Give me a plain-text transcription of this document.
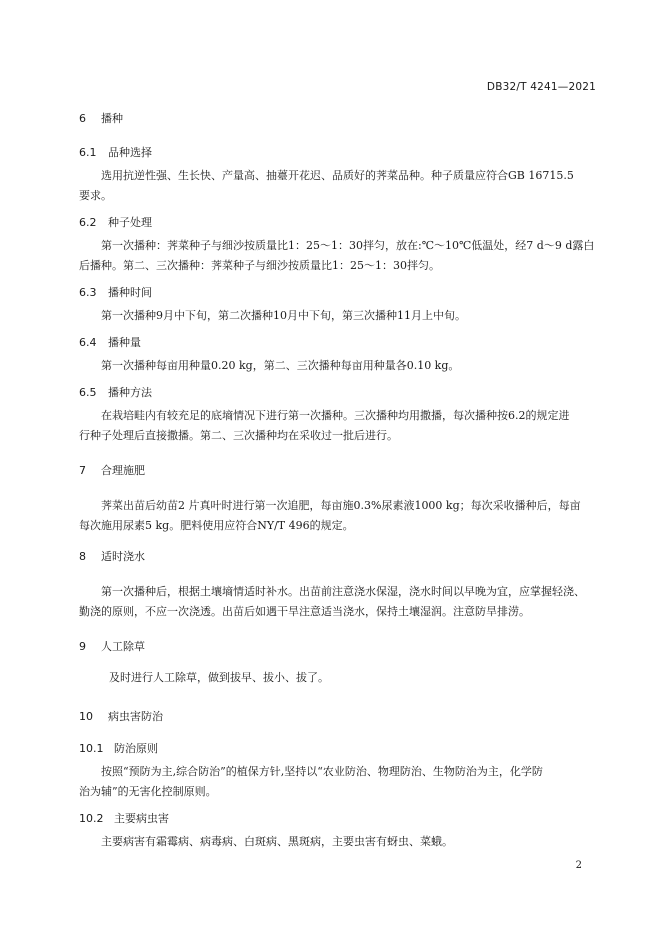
DB32/T 4241—2021
6 播种
6.1 品种选择
选用抗逆性强、生长快、产量高、抽薹开花迟、品质好的荠菜品种。种子质量应符合GB 16715.5
要求。
6.2 种子处理
第一次播种：荠菜种子与细沙按质量比1：25～1：30拌匀，放在:℃～10℃低温处，经7 d～9 d露白
后播种。第二、三次播种：荠菜种子与细沙按质量比1：25～1：30拌匀。
6.3 播种时间
第一次播种9月中下旬，第二次播种10月中下旬，第三次播种11月上中旬。
6.4 播种量
第一次播种每亩用种量0.20 kg，第二、三次播种每亩用种量各0.10 kg。
6.5 播种方法
在栽培畦内有较充足的底墒情况下进行第一次播种。三次播种均用撒播，每次播种按6.2的规定进
行种子处理后直接撒播。第二、三次播种均在采收过一批后进行。
7 合理施肥
荠菜出苗后幼苗2 片真叶时进行第一次追肥，每亩施0.3%尿素液1000 kg；每次采收播种后，每亩
每次施用尿素5 kg。肥料使用应符合NY/T 496的规定。
8 适时浇水
第一次播种后，根据土壤墒情适时补水。出苗前注意浇水保湿，浇水时间以早晚为宜，应掌握轻浇、
勤浇的原则，不应一次浇透。出苗后如遇干旱注意适当浇水，保持土壤湿润。注意防旱排涝。
9 人工除草
及时进行人工除草，做到拔早、拔小、拔了。
10 病虫害防治
10.1 防治原则
按照“预防为主,综合防治”的植保方针,坚持以“农业防治、物理防治、生物防治为主，化学防
治为辅”的无害化控制原则。
10.2 主要病虫害
主要病害有霜霉病、病毒病、白斑病、黑斑病，主要虫害有蚜虫、菜蛾。
2
